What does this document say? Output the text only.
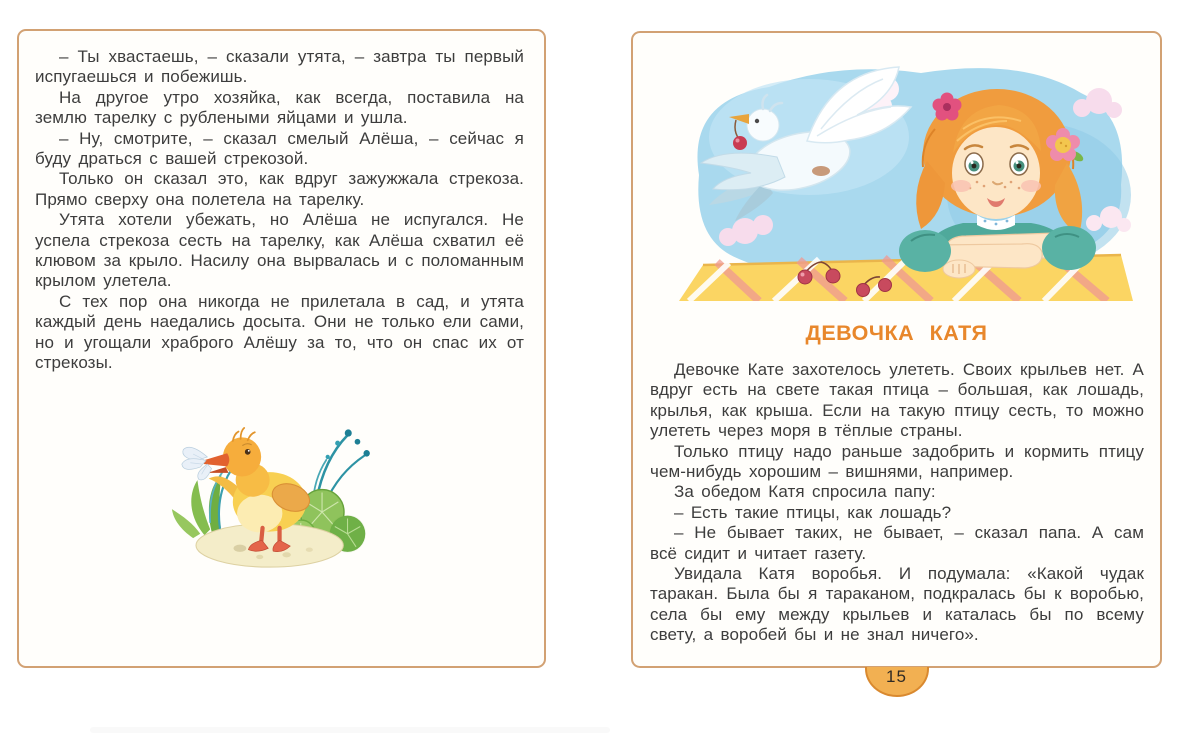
– Ты хвастаешь, – сказали утята, – завтра ты первый испугаешься и побежишь.

На другое утро хозяйка, как всегда, поставила на землю тарелку с рублеными яйцами и ушла.

– Ну, смотрите, – сказал смелый Алёша, – сейчас я буду драться с вашей стрекозой.

Только он сказал это, как вдруг зажужжала стрекоза. Прямо сверху она полетела на тарелку.

Утята хотели убежать, но Алёша не испугался. Не успела стрекоза сесть на тарелку, как Алёша схватил её клювом за крыло. Насилу она вырвалась и с поломанным крылом улетела.

С тех пор она никогда не прилетала в сад, и утята каждый день наедались досыта. Они не только ели сами, но и угощали храброго Алёшу за то, что он спас их от стрекозы.

ДЕВОЧКА КАТЯ

Девочке Кате захотелось улететь. Своих крыльев нет. А вдруг есть на свете такая птица – большая, как лошадь, крылья, как крыша. Если на такую птицу сесть, то можно улететь через моря в тёплые страны.

Только птицу надо раньше задобрить и кормить птицу чем-нибудь хорошим – вишнями, например.

За обедом Катя спросила папу:

– Есть такие птицы, как лошадь?

– Не бывает таких, не бывает, – сказал папа. А сам всё сидит и читает газету.

Увидала Катя воробья. И подумала: «Какой чудак таракан. Была бы я тараканом, подкралась бы к воробью, села бы ему между крыльев и каталась бы по всему свету, а воробей бы и не знал ничего».

15
